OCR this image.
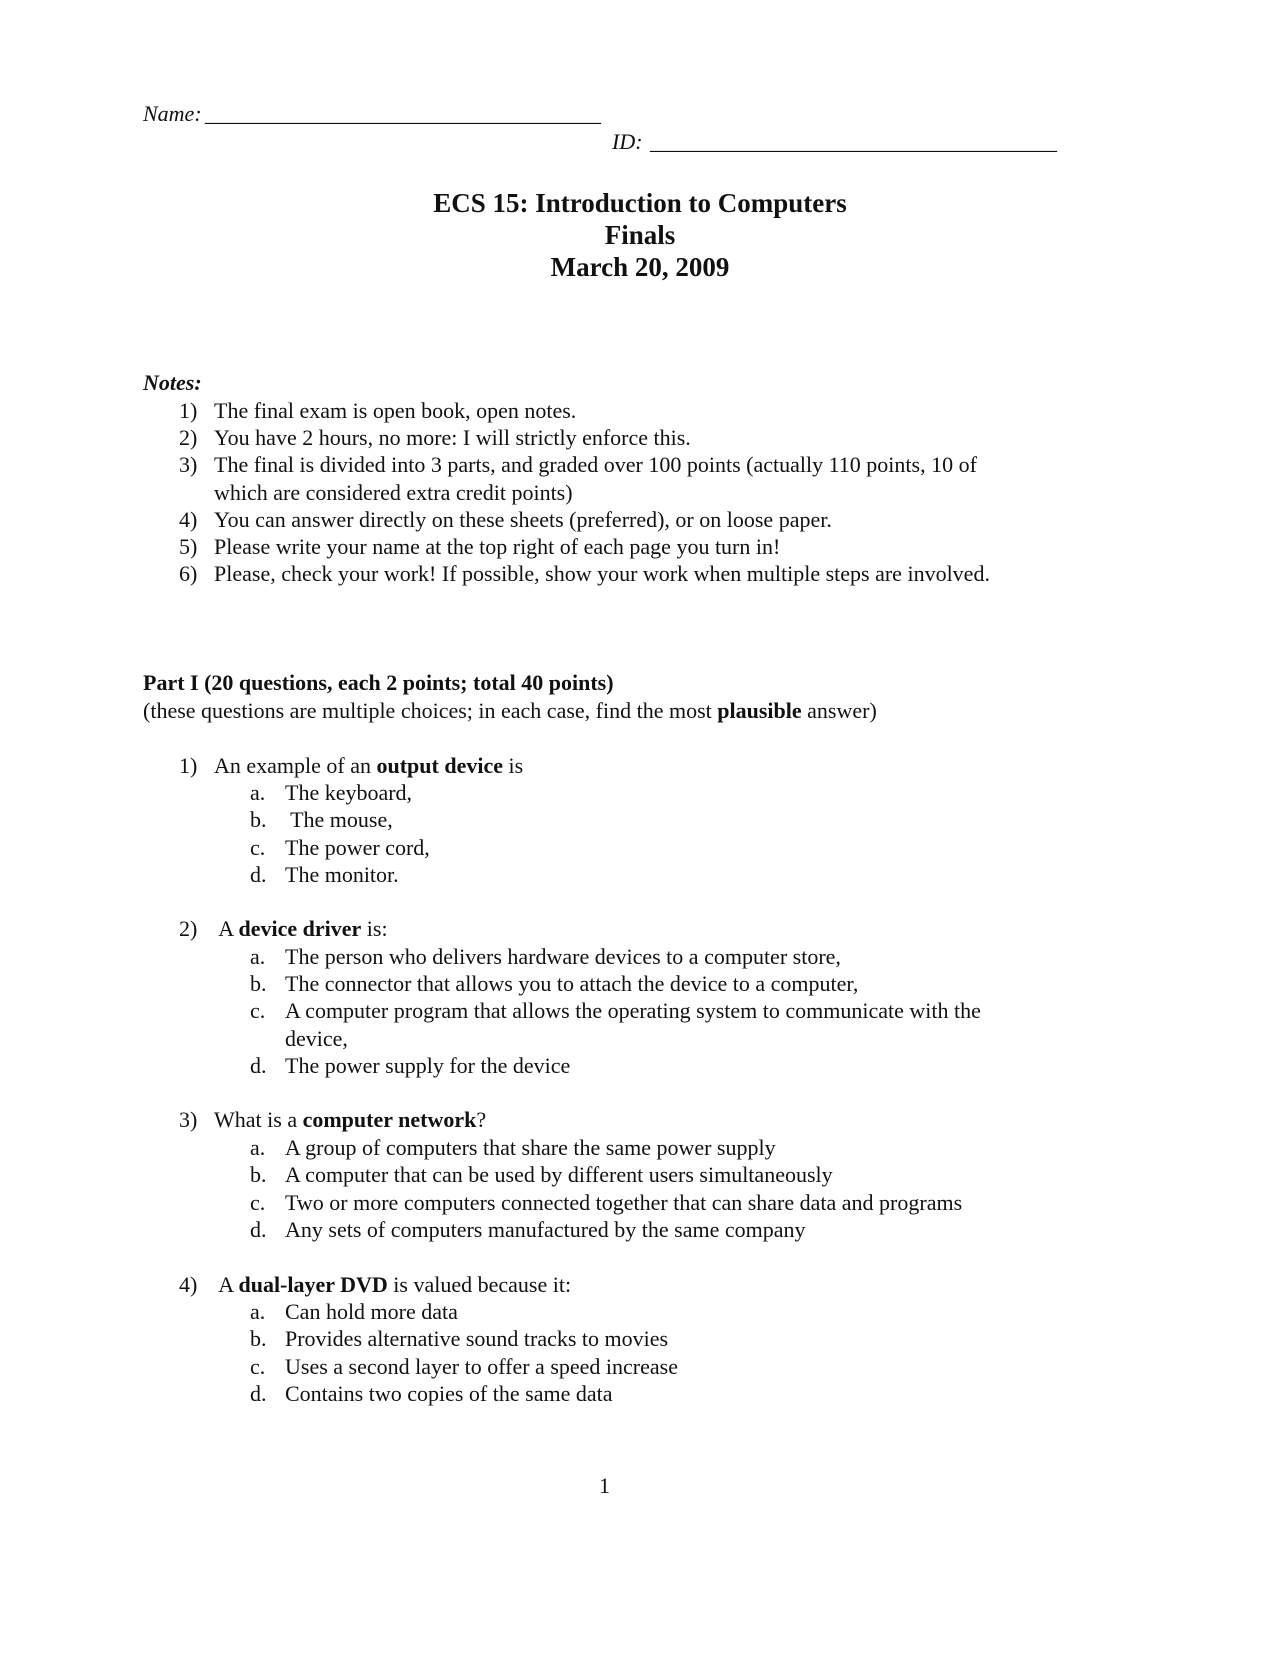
Name: ____________________________________
ID: _____________________________________
ECS 15: Introduction to Computers
Finals
March 20, 2009
Notes:
1) The final exam is open book, open notes.
2) You have 2 hours, no more: I will strictly enforce this.
3) The final is divided into 3 parts, and graded over 100 points (actually 110 points, 10 of
which are considered extra credit points)
4) You can answer directly on these sheets (preferred), or on loose paper.
5) Please write your name at the top right of each page you turn in!
6) Please, check your work! If possible, show your work when multiple steps are involved.
Part I (20 questions, each 2 points; total 40 points)
(these questions are multiple choices; in each case, find the most plausible answer)
1) An example of an output device is
a. The keyboard,
b. The mouse,
c. The power cord,
d. The monitor.
2) A device driver is:
a. The person who delivers hardware devices to a computer store,
b. The connector that allows you to attach the device to a computer,
c. A computer program that allows the operating system to communicate with the
device,
d. The power supply for the device
3) What is a computer network?
a. A group of computers that share the same power supply
b. A computer that can be used by different users simultaneously
c. Two or more computers connected together that can share data and programs
d. Any sets of computers manufactured by the same company
4) A dual-layer DVD is valued because it:
a. Can hold more data
b. Provides alternative sound tracks to movies
c. Uses a second layer to offer a speed increase
d. Contains two copies of the same data
1
